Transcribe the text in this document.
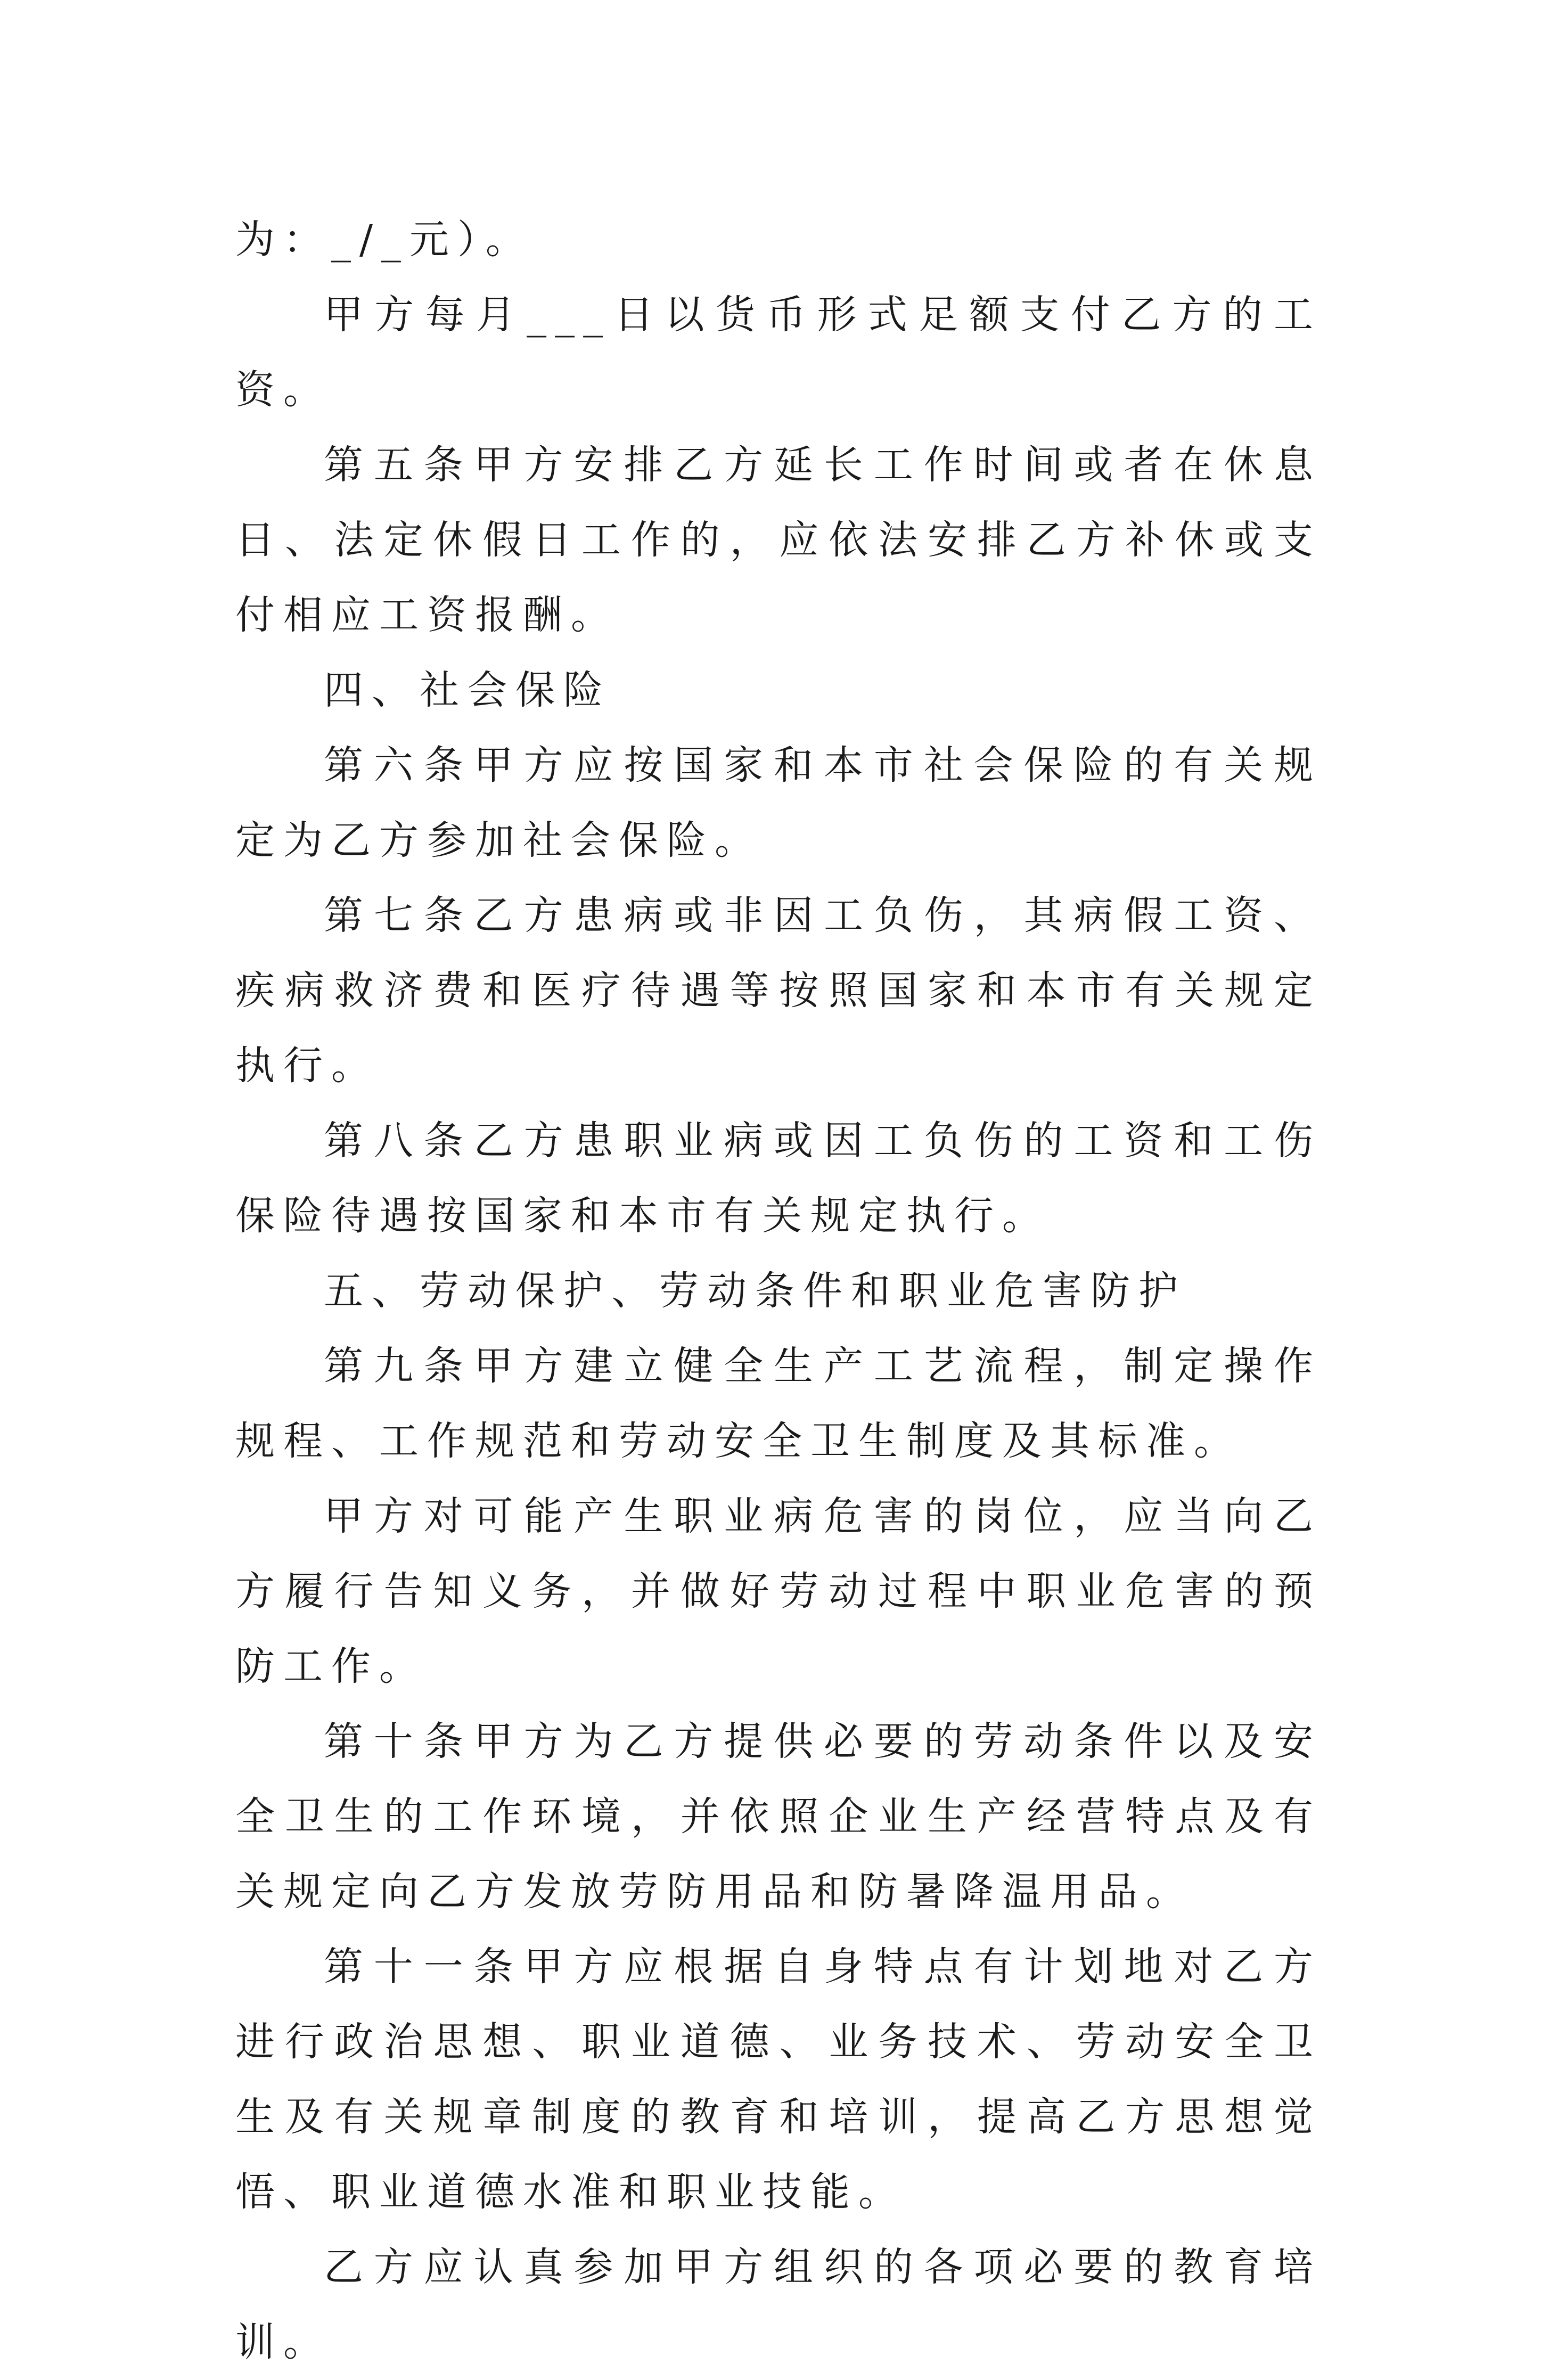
为：_/_元）。

甲方每月___日以货币形式足额支付乙方的工资。

第五条甲方安排乙方延长工作时间或者在休息日、法定休假日工作的，应依法安排乙方补休或支付相应工资报酬。

四、社会保险

第六条甲方应按国家和本市社会保险的有关规定为乙方参加社会保险。

第七条乙方患病或非因工负伤，其病假工资、疾病救济费和医疗待遇等按照国家和本市有关规定执行。

第八条乙方患职业病或因工负伤的工资和工伤保险待遇按国家和本市有关规定执行。

五、劳动保护、劳动条件和职业危害防护

第九条甲方建立健全生产工艺流程，制定操作规程、工作规范和劳动安全卫生制度及其标准。

甲方对可能产生职业病危害的岗位，应当向乙方履行告知义务，并做好劳动过程中职业危害的预防工作。

第十条甲方为乙方提供必要的劳动条件以及安全卫生的工作环境，并依照企业生产经营特点及有关规定向乙方发放劳防用品和防暑降温用品。

第十一条甲方应根据自身特点有计划地对乙方进行政治思想、职业道德、业务技术、劳动安全卫生及有关规章制度的教育和培训，提高乙方思想觉悟、职业道德水准和职业技能。

乙方应认真参加甲方组织的各项必要的教育培训。
